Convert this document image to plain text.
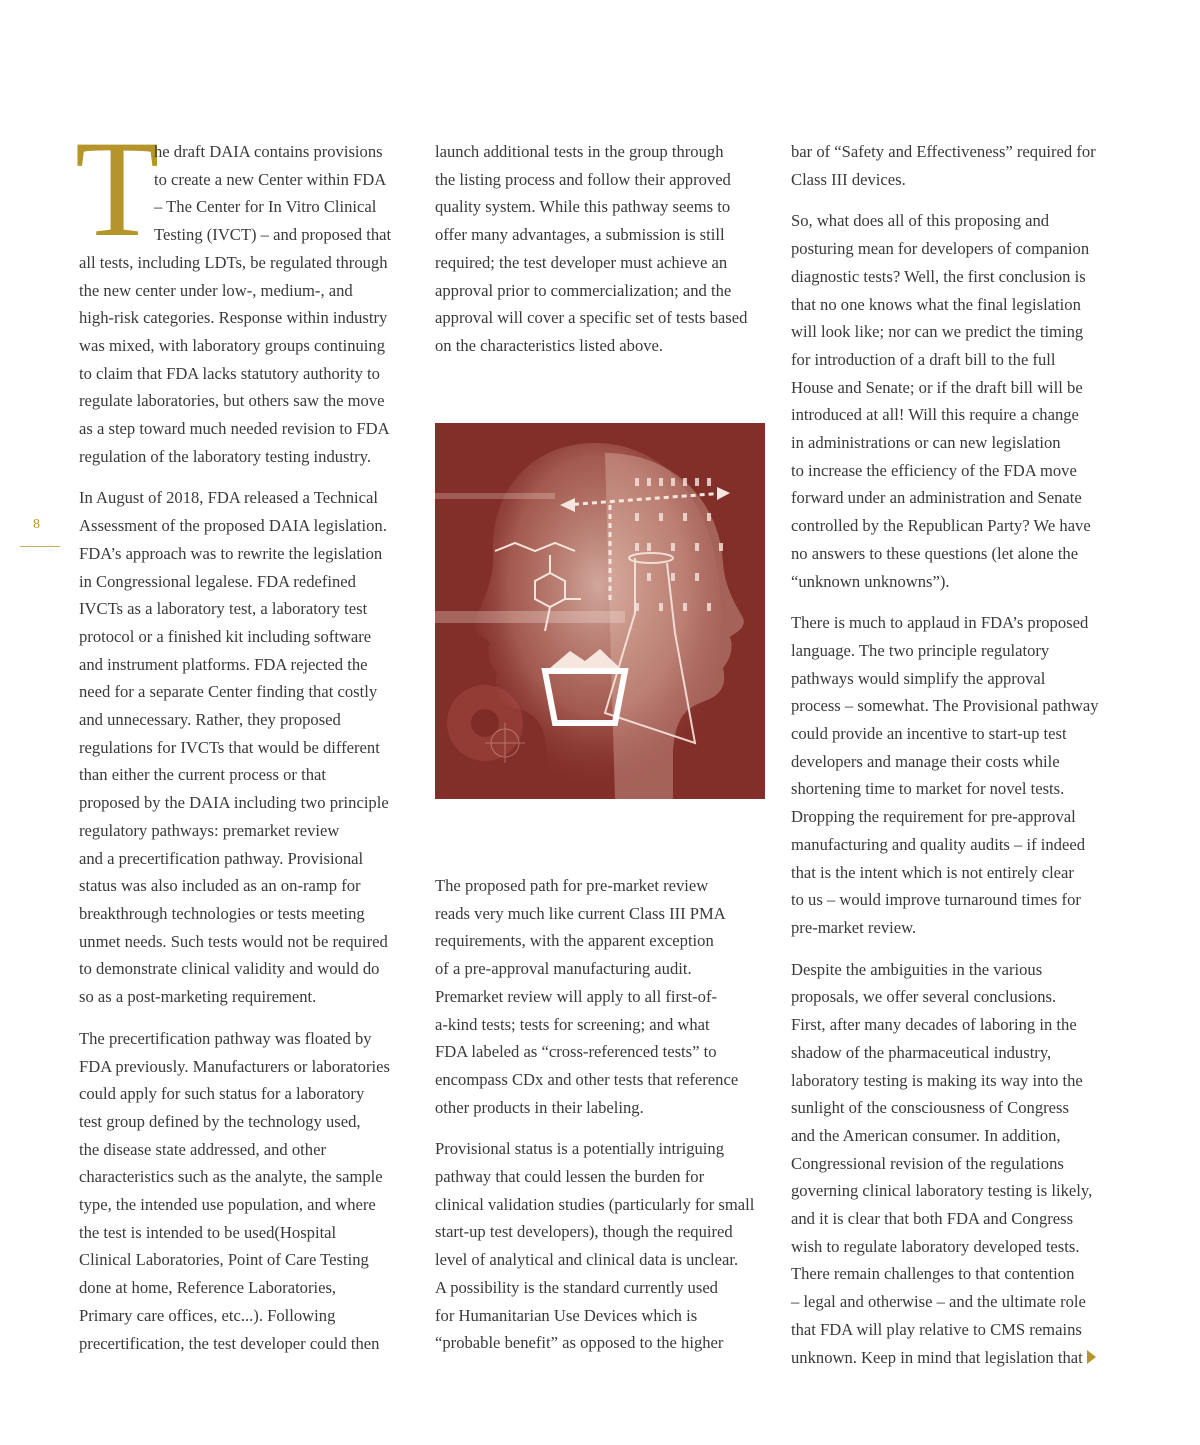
8
T

he draft DAIA contains provisions
to create a new Center within FDA
– The Center for In Vitro Clinical
Testing (IVCT) – and proposed that
all tests, including LDTs, be regulated through
the new center under low-, medium-, and
high-risk categories. Response within industry
was mixed, with laboratory groups continuing
to claim that FDA lacks statutory authority to
regulate laboratories, but others saw the move
as a step toward much needed revision to FDA
regulation of the laboratory testing industry.

In August of 2018, FDA released a Technical
Assessment of the proposed DAIA legislation.
FDA’s approach was to rewrite the legislation
in Congressional legalese. FDA redefined
IVCTs as a laboratory test, a laboratory test
protocol or a finished kit including software
and instrument platforms. FDA rejected the
need for a separate Center finding that costly
and unnecessary. Rather, they proposed
regulations for IVCTs that would be different
than either the current process or that
proposed by the DAIA including two principle
regulatory pathways: premarket review
and a precertification pathway. Provisional
status was also included as an on-ramp for
breakthrough technologies or tests meeting
unmet needs. Such tests would not be required
to demonstrate clinical validity and would do
so as a post-marketing requirement.

The precertification pathway was floated by
FDA previously. Manufacturers or laboratories
could apply for such status for a laboratory
test group defined by the technology used,
the disease state addressed, and other
characteristics such as the analyte, the sample
type, the intended use population, and where
the test is intended to be used(Hospital
Clinical Laboratories, Point of Care Testing
done at home, Reference Laboratories,
Primary care offices, etc...). Following
precertification, the test developer could then

launch additional tests in the group through
the listing process and follow their approved
quality system. While this pathway seems to
offer many advantages, a submission is still
required; the test developer must achieve an
approval prior to commercialization; and the
approval will cover a specific set of tests based
on the characteristics listed above.

The proposed path for pre-market review
reads very much like current Class III PMA
requirements, with the apparent exception
of a pre-approval manufacturing audit.
Premarket review will apply to all first-of-
a-kind tests; tests for screening; and what
FDA labeled as “cross-referenced tests” to
encompass CDx and other tests that reference
other products in their labeling.

Provisional status is a potentially intriguing
pathway that could lessen the burden for
clinical validation studies (particularly for small
start-up test developers), though the required
level of analytical and clinical data is unclear.
A possibility is the standard currently used
for Humanitarian Use Devices which is
“probable benefit” as opposed to the higher

bar of “Safety and Effectiveness” required for
Class III devices.

So, what does all of this proposing and
posturing mean for developers of companion
diagnostic tests? Well, the first conclusion is
that no one knows what the final legislation
will look like; nor can we predict the timing
for introduction of a draft bill to the full
House and Senate; or if the draft bill will be
introduced at all! Will this require a change
in administrations or can new legislation
to increase the efficiency of the FDA move
forward under an administration and Senate
controlled by the Republican Party? We have
no answers to these questions (let alone the
“unknown unknowns”).

There is much to applaud in FDA’s proposed
language. The two principle regulatory
pathways would simplify the approval
process – somewhat. The Provisional pathway
could provide an incentive to start-up test
developers and manage their costs while
shortening time to market for novel tests.
Dropping the requirement for pre-approval
manufacturing and quality audits – if indeed
that is the intent which is not entirely clear
to us – would improve turnaround times for
pre-market review.

Despite the ambiguities in the various
proposals, we offer several conclusions.
First, after many decades of laboring in the
shadow of the pharmaceutical industry,
laboratory testing is making its way into the
sunlight of the consciousness of Congress
and the American consumer. In addition,
Congressional revision of the regulations
governing clinical laboratory testing is likely,
and it is clear that both FDA and Congress
wish to regulate laboratory developed tests.
There remain challenges to that contention
– legal and otherwise – and the ultimate role
that FDA will play relative to CMS remains
unknown. Keep in mind that legislation that
